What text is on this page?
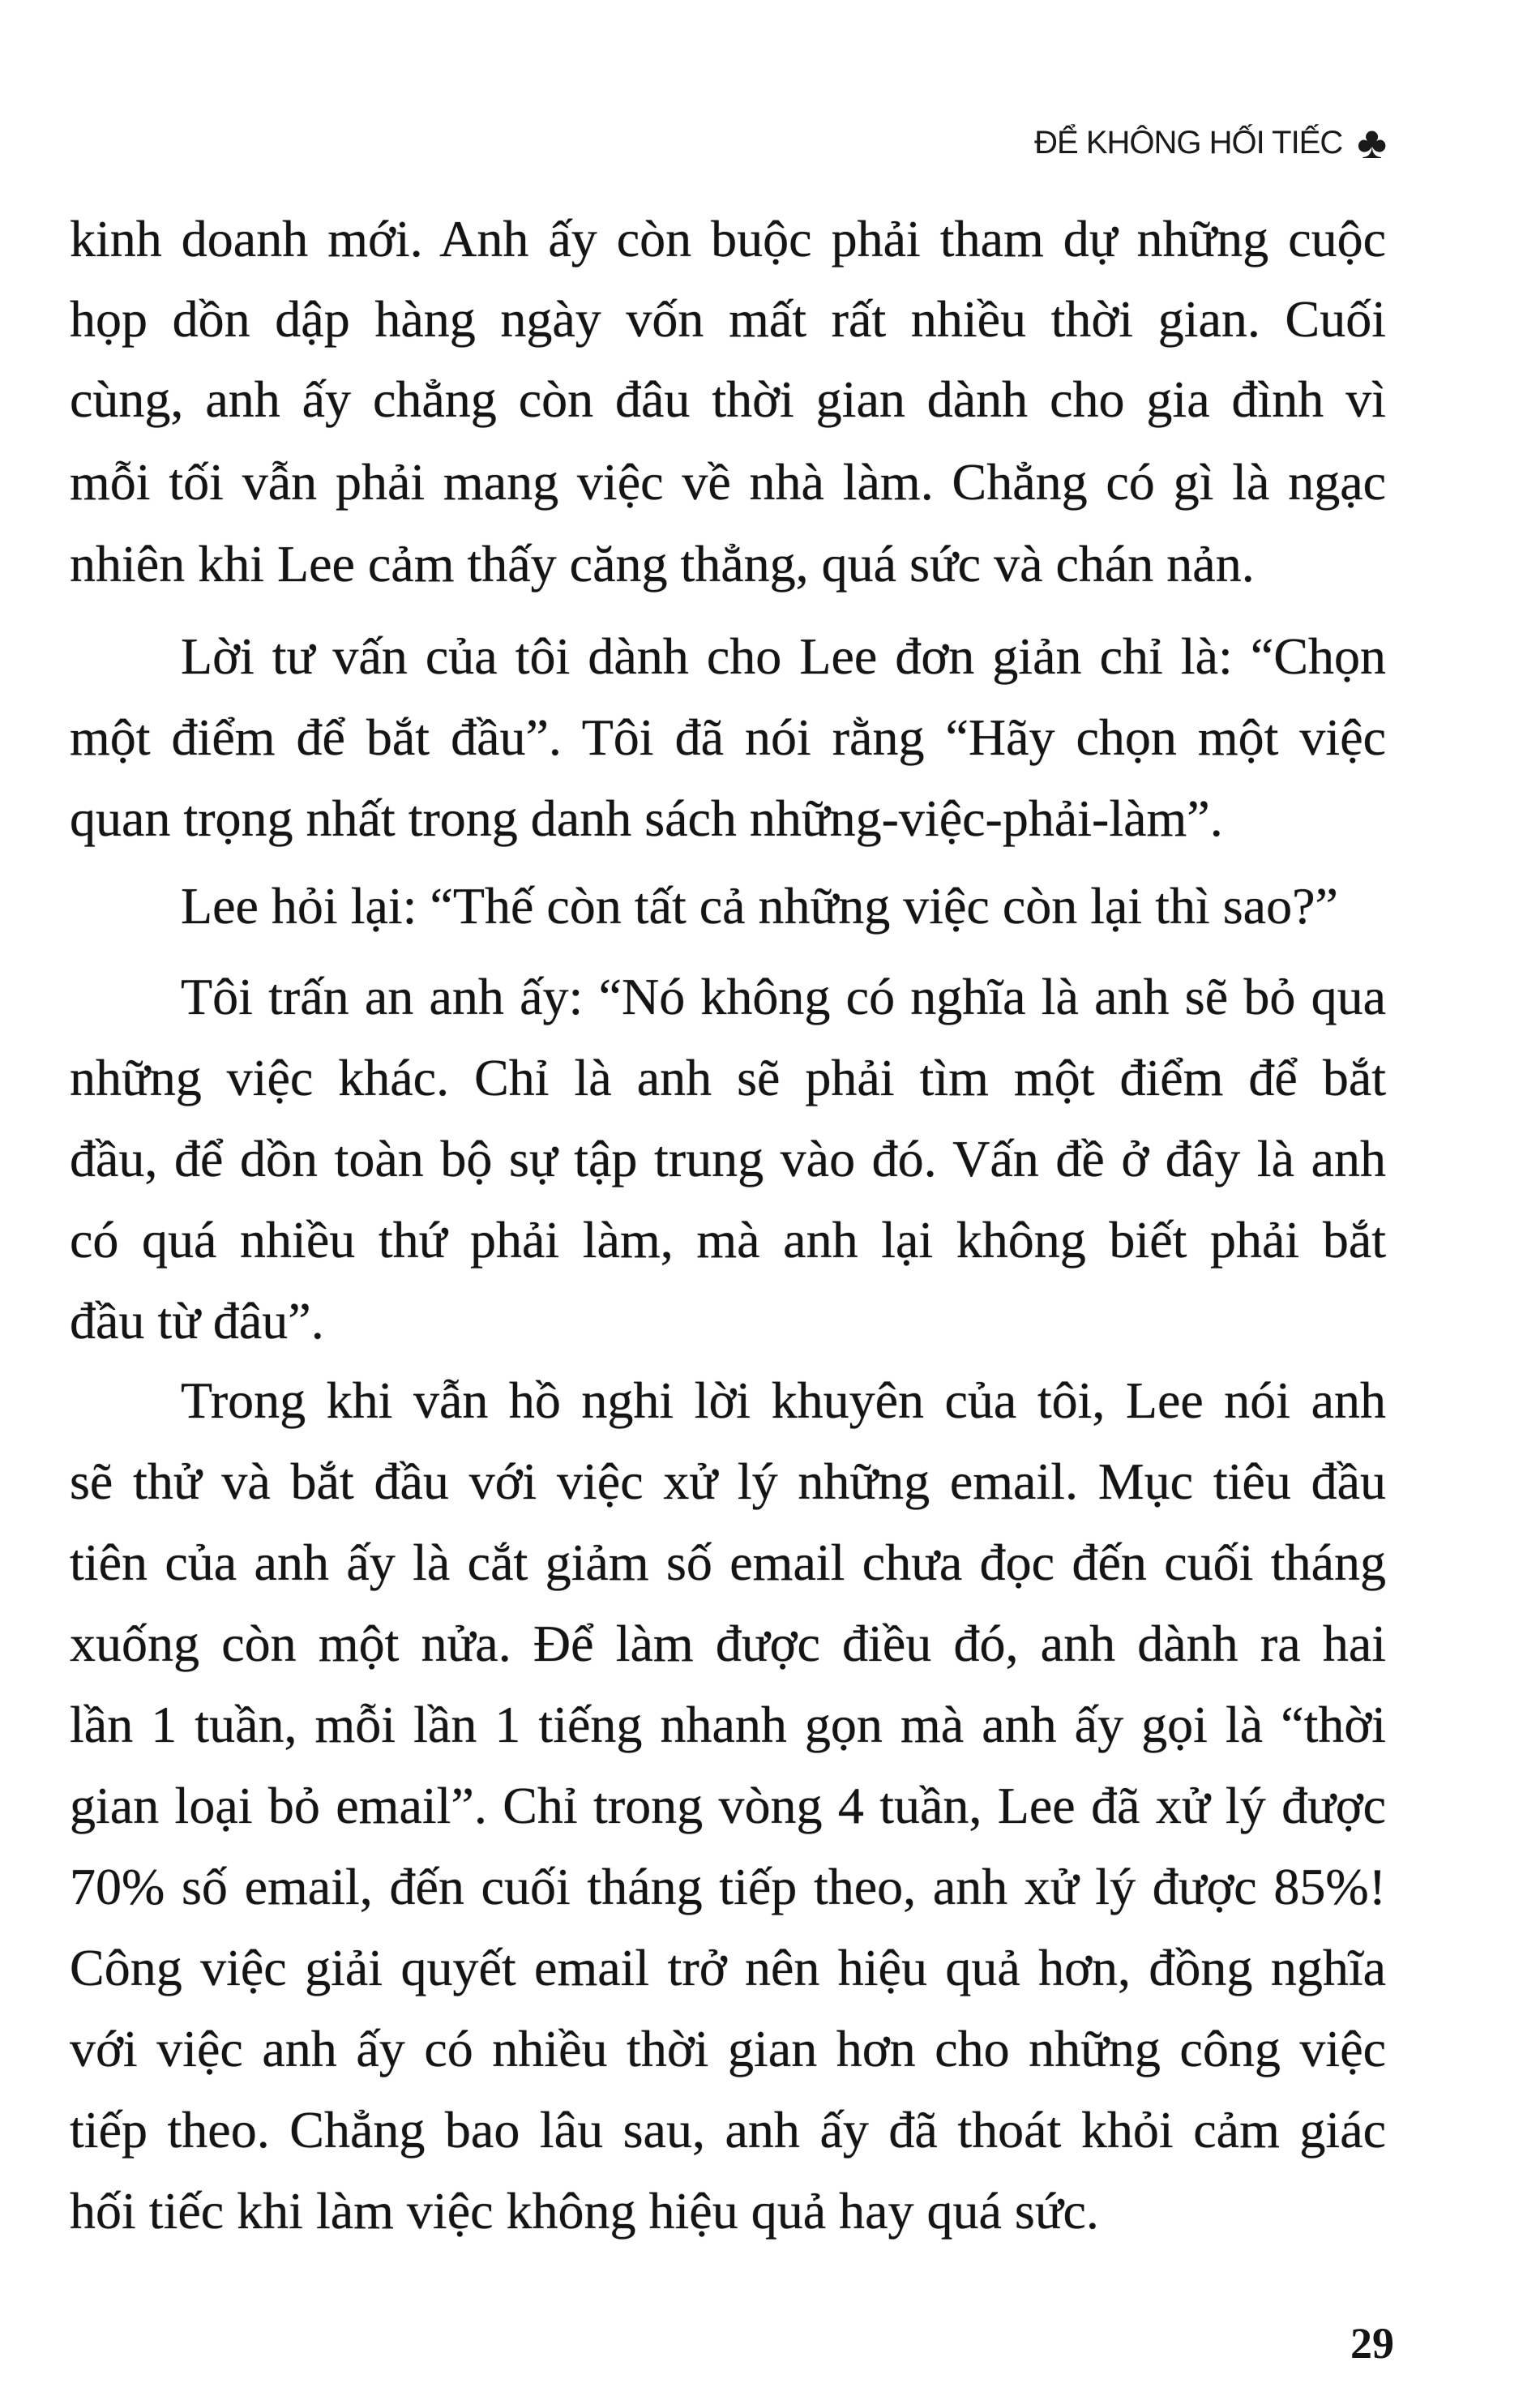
ĐỂ KHÔNG HỐI TIẾC ♣
kinh doanh mới. Anh ấy còn buộc phải tham dự những cuộc
họp dồn dập hàng ngày vốn mất rất nhiều thời gian. Cuối
cùng, anh ấy chẳng còn đâu thời gian dành cho gia đình vì
mỗi tối vẫn phải mang việc về nhà làm. Chẳng có gì là ngạc
nhiên khi Lee cảm thấy căng thẳng, quá sức và chán nản.
Lời tư vấn của tôi dành cho Lee đơn giản chỉ là: “Chọn
một điểm để bắt đầu”. Tôi đã nói rằng “Hãy chọn một việc
quan trọng nhất trong danh sách những-việc-phải-làm”.
Lee hỏi lại: “Thế còn tất cả những việc còn lại thì sao?”
Tôi trấn an anh ấy: “Nó không có nghĩa là anh sẽ bỏ qua
những việc khác. Chỉ là anh sẽ phải tìm một điểm để bắt
đầu, để dồn toàn bộ sự tập trung vào đó. Vấn đề ở đây là anh
có quá nhiều thứ phải làm, mà anh lại không biết phải bắt
đầu từ đâu”.
Trong khi vẫn hồ nghi lời khuyên của tôi, Lee nói anh
sẽ thử và bắt đầu với việc xử lý những email. Mục tiêu đầu
tiên của anh ấy là cắt giảm số email chưa đọc đến cuối tháng
xuống còn một nửa. Để làm được điều đó, anh dành ra hai
lần 1 tuần, mỗi lần 1 tiếng nhanh gọn mà anh ấy gọi là “thời
gian loại bỏ email”. Chỉ trong vòng 4 tuần, Lee đã xử lý được
70% số email, đến cuối tháng tiếp theo, anh xử lý được 85%!
Công việc giải quyết email trở nên hiệu quả hơn, đồng nghĩa
với việc anh ấy có nhiều thời gian hơn cho những công việc
tiếp theo. Chẳng bao lâu sau, anh ấy đã thoát khỏi cảm giác
hối tiếc khi làm việc không hiệu quả hay quá sức.
29
